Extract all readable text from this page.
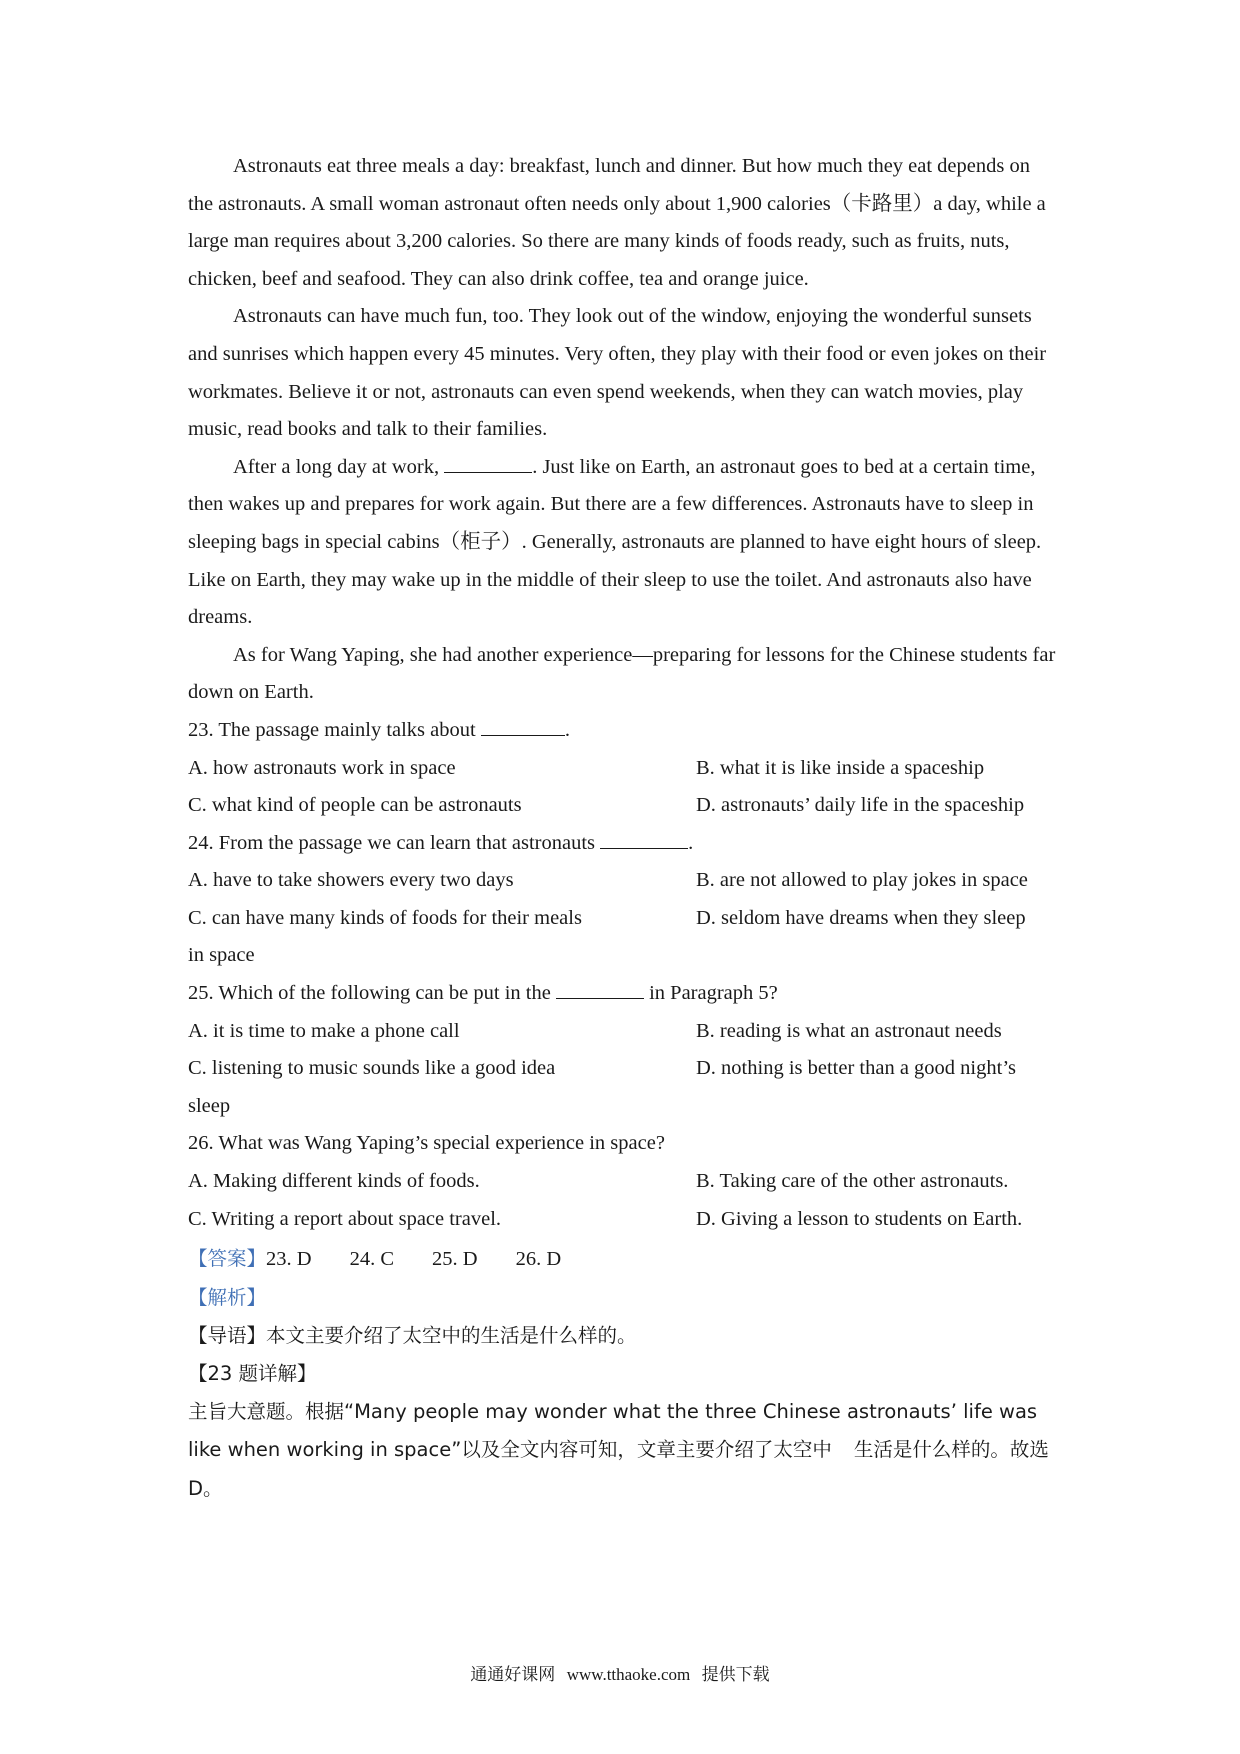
Astronauts eat three meals a day: breakfast, lunch and dinner. But how much they eat depends on the astronauts. A small woman astronaut often needs only about 1,900 calories（卡路里）a day, while a large man requires about 3,200 calories. So there are many kinds of foods ready, such as fruits, nuts, chicken, beef and seafood. They can also drink coffee, tea and orange juice.

Astronauts can have much fun, too. They look out of the window, enjoying the wonderful sunsets and sunrises which happen every 45 minutes. Very often, they play with their food or even jokes on their workmates. Believe it or not, astronauts can even spend weekends, when they can watch movies, play music, read books and talk to their families.

After a long day at work,	. Just like on Earth, an astronaut goes to bed at a certain time, then wakes up and prepares for work again. But there are a few differences. Astronauts have to sleep in sleeping bags in special cabins（柜子）. Generally, astronauts are planned to have eight hours of sleep. Like on Earth, they may wake up in the middle of their sleep to use the toilet. And astronauts also have dreams.

As for Wang Yaping, she had another experience—preparing for lessons for the Chinese students far down on Earth.

23. The passage mainly talks about	.

A. how astronauts work in space	B. what it is like inside a spaceship
C. what kind of people can be astronauts	D. astronauts’ daily life in the spaceship

24. From the passage we can learn that astronauts	.

A. have to take showers every two days	B. are not allowed to play jokes in space
C. can have many kinds of foods for their meals	D. seldom have dreams when they sleep

in space

25. Which of the following can be put in the	in Paragraph 5?

A. it is time to make a phone call	B. reading is what an astronaut needs
C. listening to music sounds like a good idea	D. nothing is better than a good night’s

sleep

26. What was Wang Yaping’s special experience in space?

A. Making different kinds of foods.	B. Taking care of the other astronauts.
C. Writing a report about space travel.	D. Giving a lesson to students on Earth.

【答案】23. D 24. C 25. D 26. D

【解析】

【导语】本文主要介绍了太空中的生活是什么样的。

【23 题详解】

主旨大意题。根据“Many people may wonder what the three Chinese astronauts’ life was like when working in space”以及全文内容可知，文章主要介绍了太空中 生活是什么样的。故选 D。

通通好课网 www.tthaoke.com 提供下载
